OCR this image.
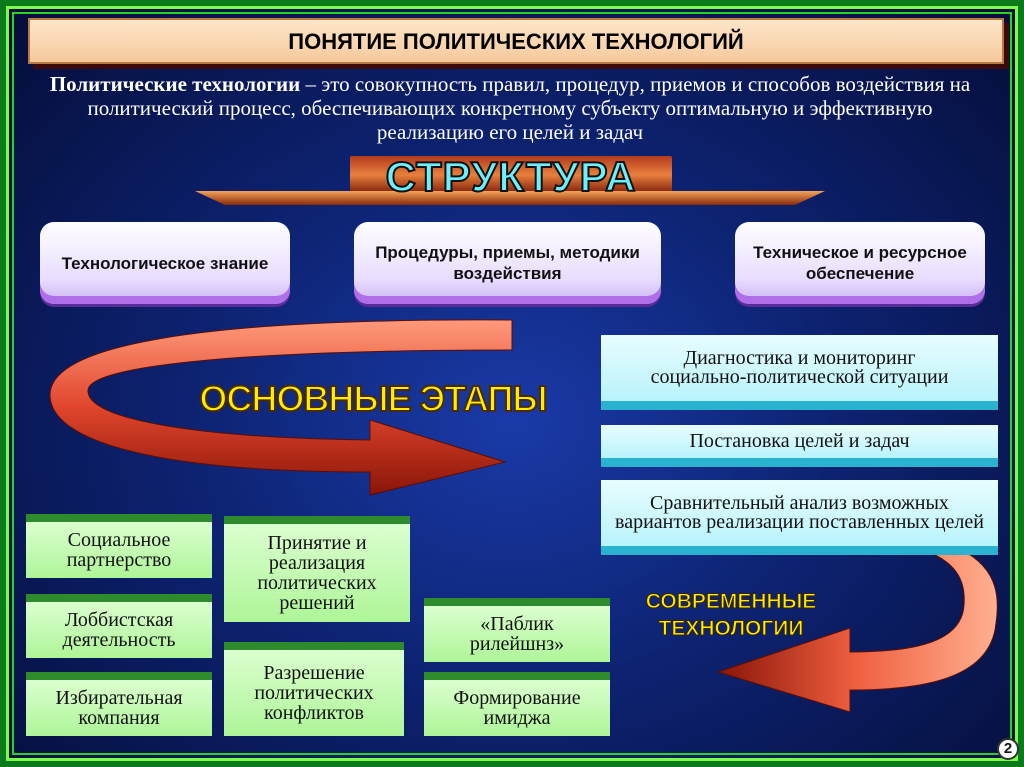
ПОНЯТИЕ ПОЛИТИЧЕСКИХ ТЕХНОЛОГИЙ
Политические технологии – это совокупность правил, процедур, приемов и способов воздействия на политический процесс, обеспечивающих конкретному субъекту оптимальную и эффективную реализацию его целей и задач
СТРУКТУРА
Технологическое знание
Процедуры, приемы, методики воздействия
Техническое и ресурсное обеспечение
ОСНОВНЫЕ ЭТАПЫ
Диагностика и мониторинг социально-политической ситуации
Постановка целей и задач
Сравнительный анализ возможных вариантов реализации поставленных целей
СОВРЕМЕННЫЕ
ТЕХНОЛОГИИ
Социальное партнерство
Лоббистская деятельность
Избирательная компания
Принятие и реализация политических решений
Разрешение политических конфликтов
«Паблик рилейшнз»
Формирование имиджа
2
